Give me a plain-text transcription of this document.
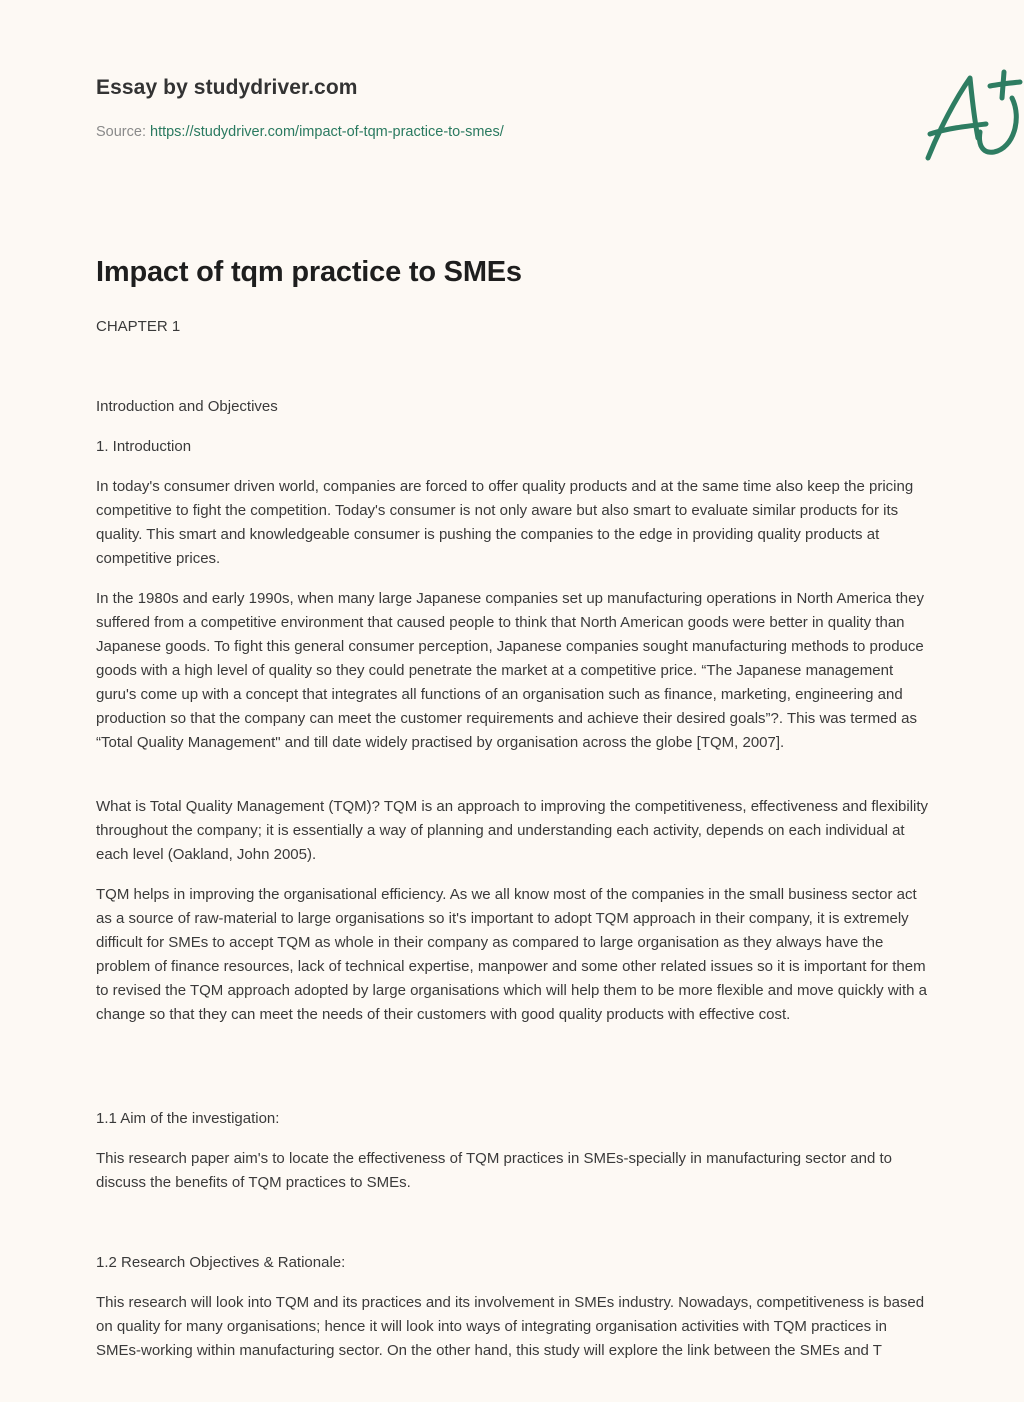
Essay by studydriver.com
Source: https://studydriver.com/impact-of-tqm-practice-to-smes/
Impact of tqm practice to SMEs
CHAPTER 1
Introduction and Objectives
1. Introduction

In today's consumer driven world, companies are forced to offer quality products and at the same time also keep the pricing competitive to fight the competition. Today's consumer is not only aware but also smart to evaluate similar products for its quality. This smart and knowledgeable consumer is pushing the companies to the edge in providing quality products at competitive prices.

In the 1980s and early 1990s, when many large Japanese companies set up manufacturing operations in North America they suffered from a competitive environment that caused people to think that North American goods were better in quality than Japanese goods. To fight this general consumer perception, Japanese companies sought manufacturing methods to produce goods with a high level of quality so they could penetrate the market at a competitive price. “The Japanese management guru's come up with a concept that integrates all functions of an organisation such as finance, marketing, engineering and production so that the company can meet the customer requirements and achieve their desired goals”?. This was termed as “Total Quality Management" and till date widely practised by organisation across the globe [TQM, 2007].

What is Total Quality Management (TQM)? TQM is an approach to improving the competitiveness, effectiveness and flexibility throughout the company; it is essentially a way of planning and understanding each activity, depends on each individual at each level (Oakland, John 2005).

TQM helps in improving the organisational efficiency. As we all know most of the companies in the small business sector act as a source of raw-material to large organisations so it's important to adopt TQM approach in their company, it is extremely difficult for SMEs to accept TQM as whole in their company as compared to large organisation as they always have the problem of finance resources, lack of technical expertise, manpower and some other related issues so it is important for them to revised the TQM approach adopted by large organisations which will help them to be more flexible and move quickly with a change so that they can meet the needs of their customers with good quality products with effective cost.

1.1 Aim of the investigation:

This research paper aim's to locate the effectiveness of TQM practices in SMEs-specially in manufacturing sector and to discuss the benefits of TQM practices to SMEs.

1.2 Research Objectives & Rationale:

This research will look into TQM and its practices and its involvement in SMEs industry. Nowadays, competitiveness is based on quality for many organisations; hence it will look into ways of integrating organisation activities with TQM practices in SMEs-working within manufacturing sector. On the other hand, this study will explore the link between the SMEs and T
